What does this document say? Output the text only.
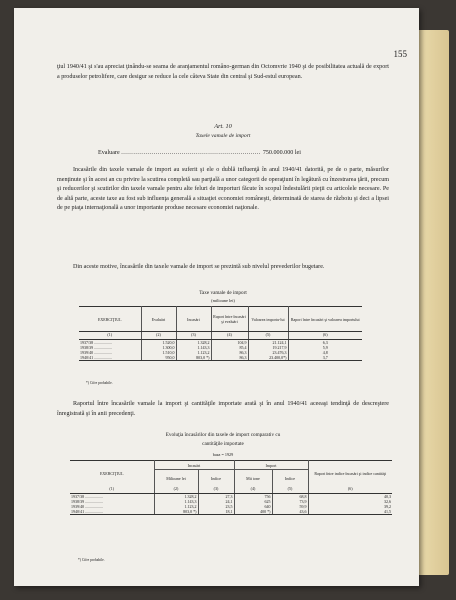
155

ţiul 1940/41 şi s'au apreciat ţinându-se seama de aranjamentul româno-german din Octomvrie 1940 şi de posibilitatea actuală de export a produselor petrolifere, care desigur se reduce la cele câteva State din central şi Sud-estul european.

Art. 10
Taxele vamale de import
Evaluare ..................................................................... 750.000.000 lei

Incasările din taxele vamale de import au suferit şi ele o dublă influenţă în anul 1940/41 datorită, pe de o parte, măsurilor menţinute şi în acest an cu privire la scutirea completă sau parţială a unor categorii de operaţiuni în legătură cu înzestrarea ţării, precum şi reducerilor şi scutirilor din taxele vamale pentru alte feluri de importuri făcute în scopul îndestulării pieţii cu articolele necesare. Pe de altă parte, aceste taxe au fost sub influenţa generală a situaţiei economiei româneşti, determinată de starea de războiu şi deci a lipsei de pe piaţa internaţională a unor importante produse necesare economiei naţionale.

Din aceste motive, încasările din taxele vamale de import se prezintă sub nivelul prevederilor bugetare.

Taxe vamale de import
(milioane lei)
EXERCIŢIUL	Evaluări	Incasări	Raport între încasări şi evaluări	Valoarea importu-lui	Raport între încasări şi valoarea importului
(1)	(2)	(3)	(4)	(5)	(6)
1937/38 ..................	1.520,0	1.328,2	104,9	21.124,1	6,3
1938/39 ..................	1.300,0	1.143,3	85,4	19.217,9	5,9
1939/40 ..................	1.510,0	1.123,2	86,3	23.476,3	4,8
1940/41 ..................	950,0	803,0 *)	86,3	23.400,0*)	3,7
*) Cifre probabile.

Raportul între încasările vamale la import şi cantităţile importate arată şi în anul 1940/41 aceeaşi tendinţă de descreştere înregistrată şi în anii precedenţi.

Evoluţia încasărilor din taxele de import comparativ cu
cantităţile importate
baza = 1929
EXERCIŢIUL	Incasări		Import		Raport între indice încasări şi indice cantităţi
	Milioane lei	Indice	Mii tone	Indice	
(1)	(2)	(3)	(4)	(5)	(6)
1937/38 ..................	1.328,2	27,3	756	68,8	40,3
1938/39 ..................	1.143,3	24,1	625	73,9	32,6
1939/40 ..................	1.123,2	23,5	640	59,9	39,2
1940/41 ..................	803,0 *)	18,1	400 *)	43,6	41,5
*) Cifre probabile.
